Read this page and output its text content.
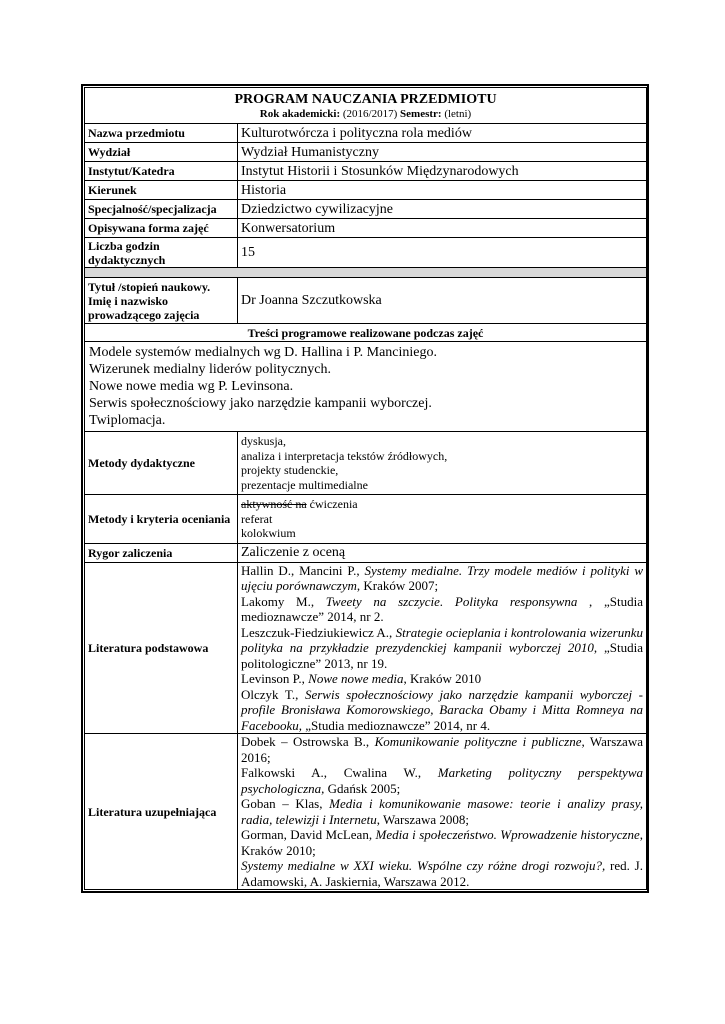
PROGRAM NAUCZANIA PRZEDMIOTU
Rok akademicki: (2016/2017) Semestr: (letni)	

Nazwa przedmiotu	Kulturotwórcza i polityczna rola mediów
Wydział	Wydział Humanistyczny
Instytut/Katedra	Instytut Historii i Stosunków Międzynarodowych
Kierunek	Historia
Specjalność/specjalizacja	Dziedzictwo cywilizacyjne
Opisywana forma zajęć	Konwersatorium
Liczba godzin dydaktycznych	15

Tytuł /stopień naukowy. Imię i nazwisko prowadzącego zajęcia	Dr Joanna Szczutkowska
Treści programowe realizowane podczas zajęć	

Modele systemów medialnych wg D. Hallina i P. Manciniego.
Wizerunek medialny liderów politycznych.
Nowe nowe media wg P. Levinsona.
Serwis społecznościowy jako narzędzie kampanii wyborczej.
Twiplomacja.	

Metody dydaktyczne	dyskusja,
analiza i interpretacja tekstów źródłowych,
projekty studenckie,
prezentacje multimedialne

Metody i kryteria oceniania	aktywność na ćwiczenia
referat
kolokwium

Rygor zaliczenia	Zaliczenie z oceną
Literatura podstawowa	Hallin D., Mancini P., Systemy medialne. Trzy modele mediów i polityki w ujęciu porównawczym, Kraków 2007;

Lakomy M., Tweety na szczycie. Polityka responsywna , „Studia medioznawcze” 2014, nr 2.

Leszczuk-Fiedziukiewicz A., Strategie ocieplania i kontrolowania wizerunku polityka na przykładzie prezydenckiej kampanii wyborczej 2010, „Studia politologiczne” 2013, nr 19.

Levinson P., Nowe nowe media, Kraków 2010

Olczyk T., Serwis społecznościowy jako narzędzie kampanii wyborczej - profile Bronisława Komorowskiego, Baracka Obamy i Mitta Romneya na Facebooku, „Studia medioznawcze” 2014, nr 4.

Literatura uzupełniająca	Dobek – Ostrowska B., Komunikowanie polityczne i publiczne, Warszawa 2016;

Falkowski A., Cwalina W., Marketing polityczny perspektywa psychologiczna, Gdańsk 2005;

Goban – Klas, Media i komunikowanie masowe: teorie i analizy prasy, radia, telewizji i Internetu, Warszawa 2008;

Gorman, David McLean, Media i społeczeństwo. Wprowadzenie historyczne, Kraków 2010;

Systemy medialne w XXI wieku. Wspólne czy różne drogi rozwoju?, red. J. Adamowski, A. Jaskiernia, Warszawa 2012.
